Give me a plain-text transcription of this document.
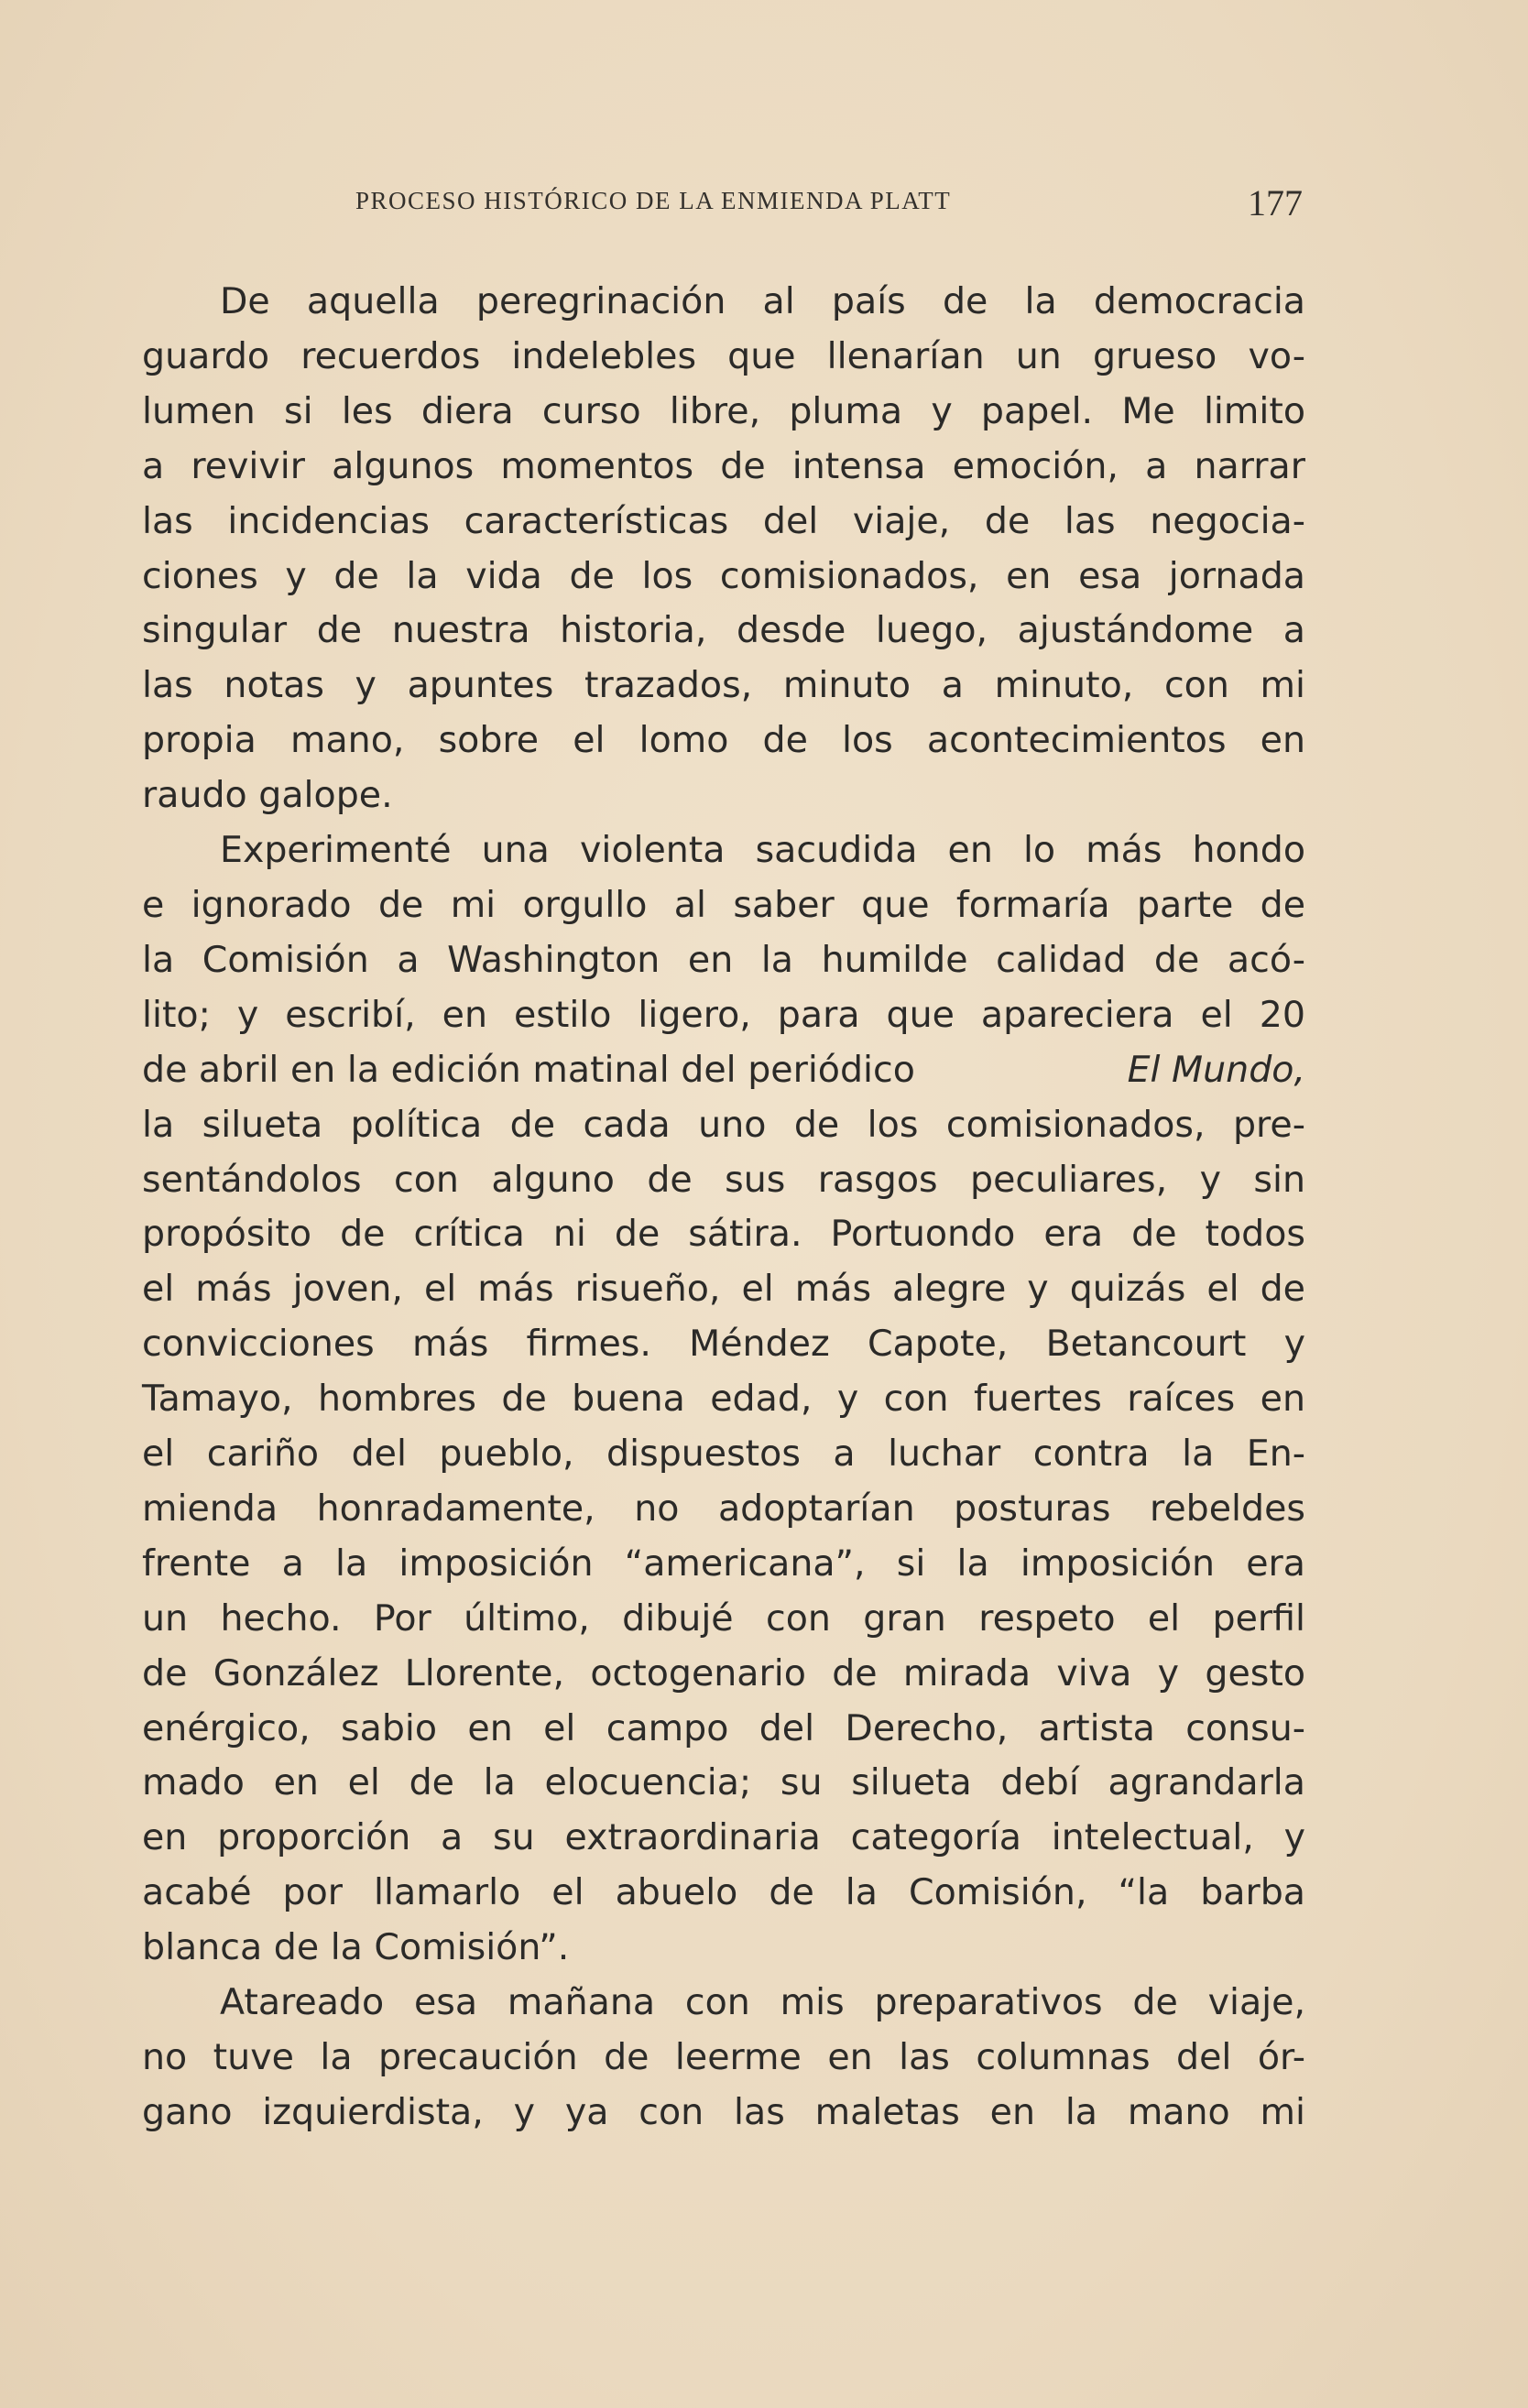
PROCESO HISTÓRICO DE LA ENMIENDA PLATT	177
De aquella peregrinación al país de la democracia
guardo recuerdos indelebles que llenarían un grueso vo-
lumen si les diera curso libre, pluma y papel. Me limito
a revivir algunos momentos de intensa emoción, a narrar
las incidencias características del viaje, de las negocia-
ciones y de la vida de los comisionados, en esa jornada
singular de nuestra historia, desde luego, ajustándome a
las notas y apuntes trazados, minuto a minuto, con mi
propia mano, sobre el lomo de los acontecimientos en
raudo galope.
Experimenté una violenta sacudida en lo más hondo
e ignorado de mi orgullo al saber que formaría parte de
la Comisión a Washington en la humilde calidad de acó-
lito; y escribí, en estilo ligero, para que apareciera el 20
de abril en la edición matinal del periódico	El Mundo,
la silueta política de cada uno de los comisionados, pre-
sentándolos con alguno de sus rasgos peculiares, y sin
propósito de crítica ni de sátira. Portuondo era de todos
el más joven, el más risueño, el más alegre y quizás el de
convicciones más firmes. Méndez Capote, Betancourt y
Tamayo, hombres de buena edad, y con fuertes raíces en
el cariño del pueblo, dispuestos a luchar contra la En-
mienda honradamente, no adoptarían posturas rebeldes
frente a la imposición “americana”, si la imposición era
un hecho. Por último, dibujé con gran respeto el perfil
de González Llorente, octogenario de mirada viva y gesto
enérgico, sabio en el campo del Derecho, artista consu-
mado en el de la elocuencia; su silueta debí agrandarla
en proporción a su extraordinaria categoría intelectual, y
acabé por llamarlo el abuelo de la Comisión, “la barba
blanca de la Comisión”.
Atareado esa mañana con mis preparativos de viaje,
no tuve la precaución de leerme en las columnas del ór-
gano izquierdista, y ya con las maletas en la mano mi
